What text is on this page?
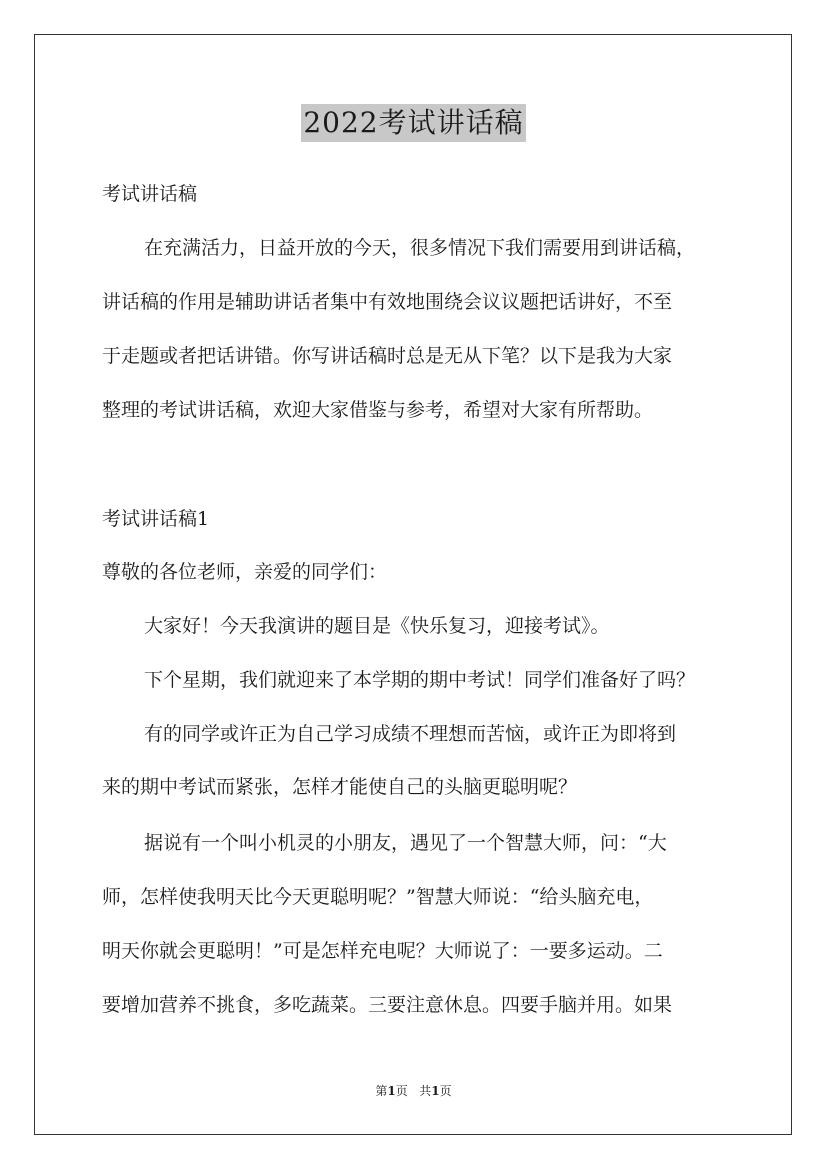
2022考试讲话稿
考试讲话稿
在充满活力，日益开放的今天，很多情况下我们需要用到讲话稿，
讲话稿的作用是辅助讲话者集中有效地围绕会议议题把话讲好，不至
于走题或者把话讲错。你写讲话稿时总是无从下笔？以下是我为大家
整理的考试讲话稿，欢迎大家借鉴与参考，希望对大家有所帮助。
考试讲话稿1
尊敬的各位老师，亲爱的同学们：
大家好！今天我演讲的题目是《快乐复习，迎接考试》。
下个星期，我们就迎来了本学期的期中考试！同学们准备好了吗？
有的同学或许正为自己学习成绩不理想而苦恼，或许正为即将到
来的期中考试而紧张，怎样才能使自己的头脑更聪明呢？
据说有一个叫小机灵的小朋友，遇见了一个智慧大师，问：“大
师，怎样使我明天比今天更聪明呢？”智慧大师说：“给头脑充电，
明天你就会更聪明！”可是怎样充电呢？大师说了：一要多运动。二
要增加营养不挑食，多吃蔬菜。三要注意休息。四要手脑并用。如果
第1页 共1页
